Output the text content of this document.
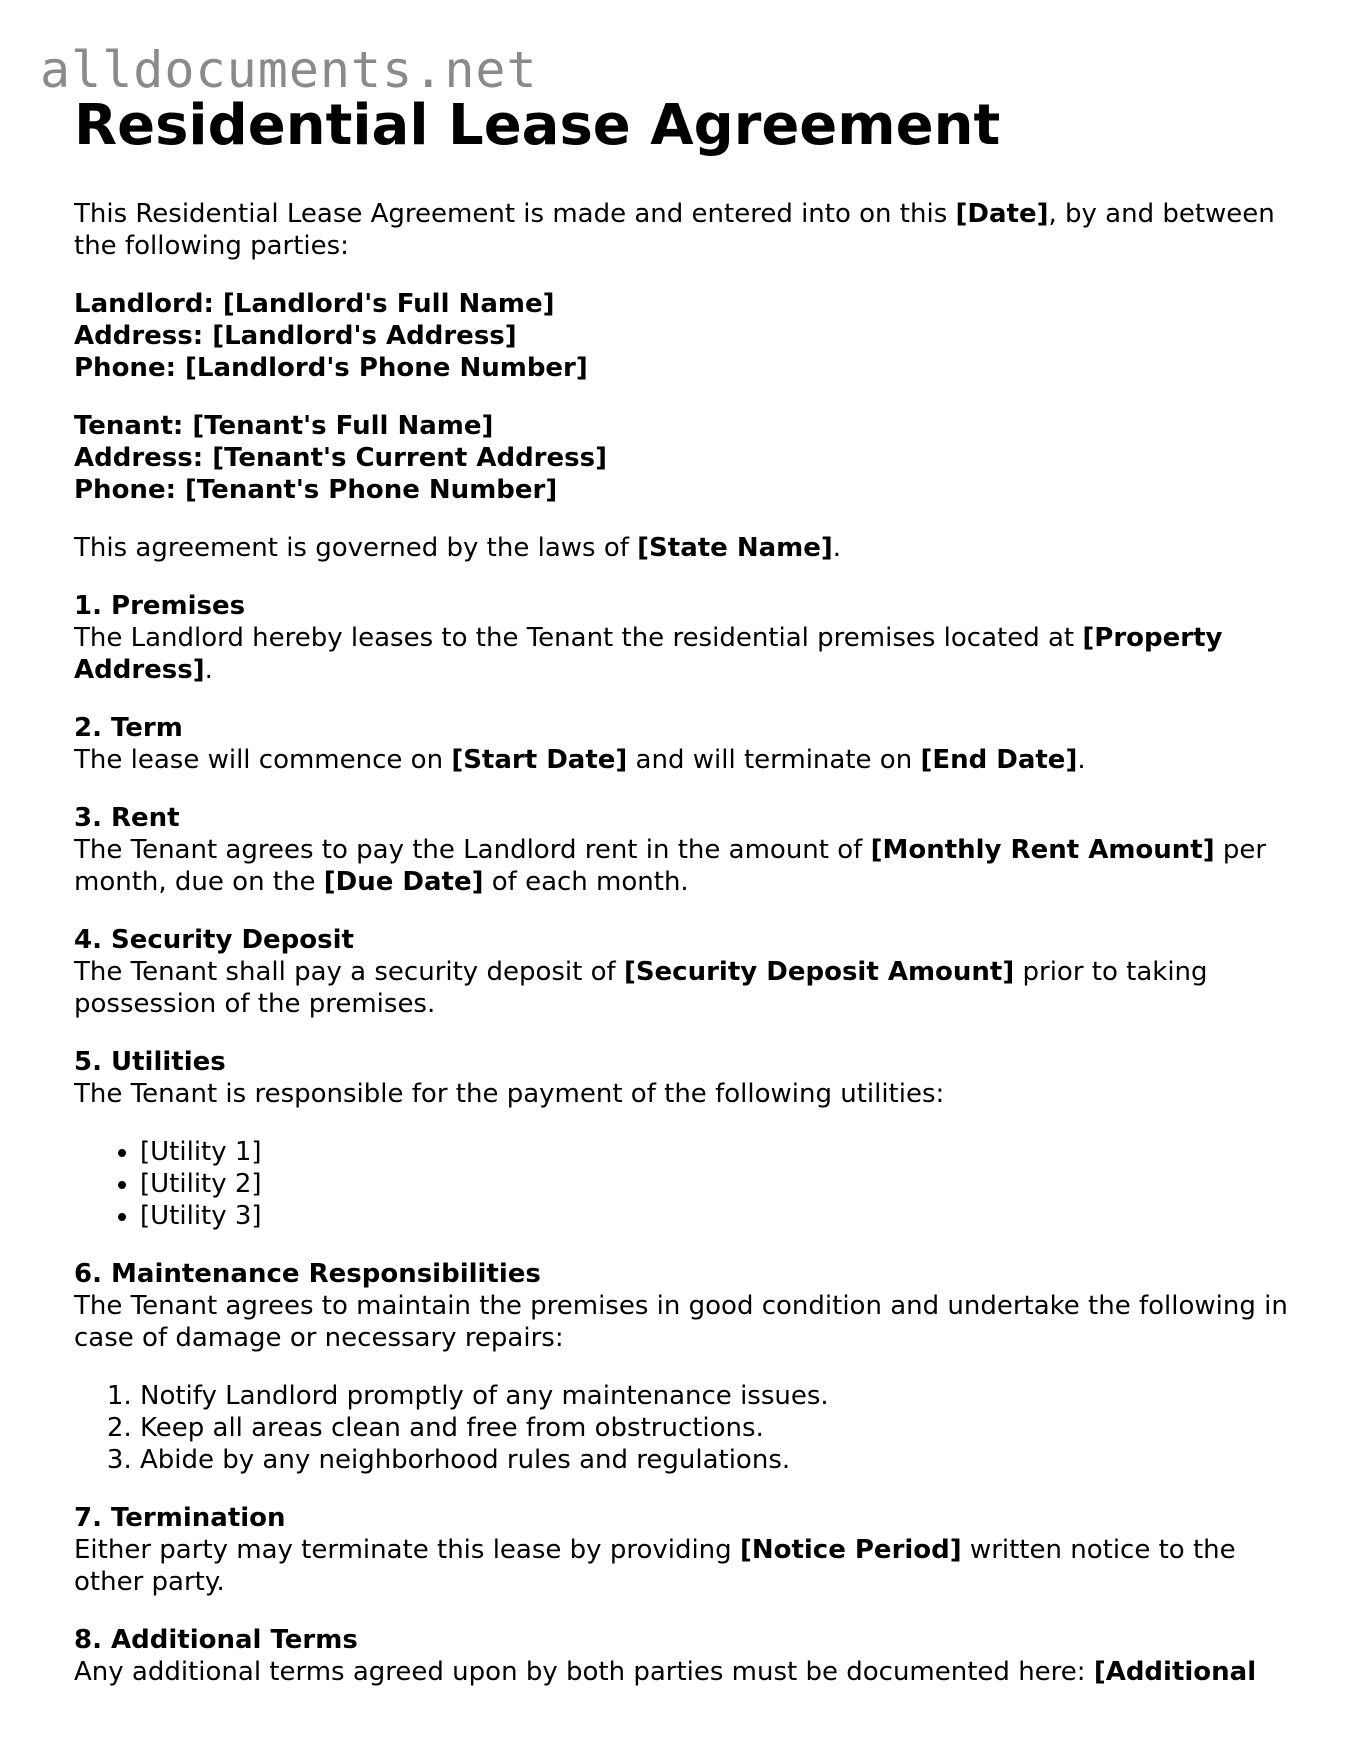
alldocuments.net
Residential Lease Agreement

This Residential Lease Agreement is made and entered into on this [Date], by and between the following parties:

Landlord: [Landlord's Full Name]
Address: [Landlord's Address]
Phone: [Landlord's Phone Number]
Tenant: [Tenant's Full Name]
Address: [Tenant's Current Address]
Phone: [Tenant's Phone Number]

This agreement is governed by the laws of [State Name].

1. Premises
The Landlord hereby leases to the Tenant the residential premises located at [Property Address].
2. Term
The lease will commence on [Start Date] and will terminate on [End Date].
3. Rent
The Tenant agrees to pay the Landlord rent in the amount of [Monthly Rent Amount] per month, due on the [Due Date] of each month.
4. Security Deposit
The Tenant shall pay a security deposit of [Security Deposit Amount] prior to taking possession of the premises.
5. Utilities
The Tenant is responsible for the payment of the following utilities:
• [Utility 1]
• [Utility 2]
• [Utility 3]
6. Maintenance Responsibilities
The Tenant agrees to maintain the premises in good condition and undertake the following in case of damage or necessary repairs:
1. Notify Landlord promptly of any maintenance issues.
2. Keep all areas clean and free from obstructions.
3. Abide by any neighborhood rules and regulations.
7. Termination
Either party may terminate this lease by providing [Notice Period] written notice to the other party.
8. Additional Terms
Any additional terms agreed upon by both parties must be documented here: [Additional
